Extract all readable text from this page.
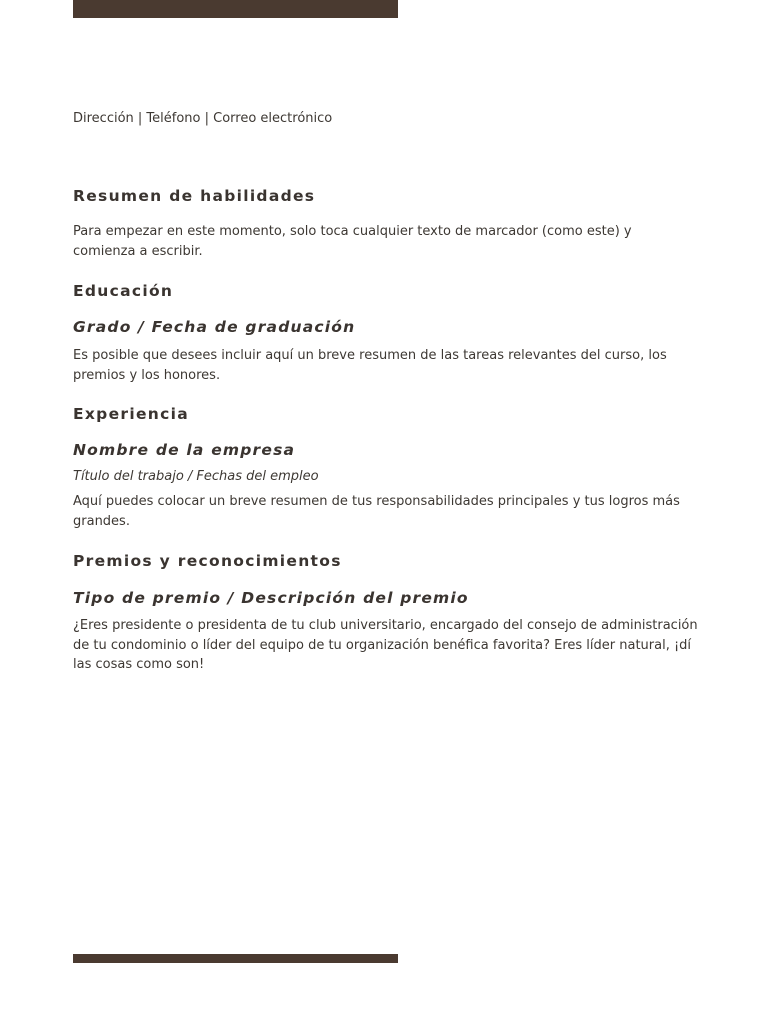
Dirección | Teléfono | Correo electrónico
Resumen de habilidades
Para empezar en este momento, solo toca cualquier texto de marcador (como este) y comienza a escribir.
Educación
Grado / Fecha de graduación
Es posible que desees incluir aquí un breve resumen de las tareas relevantes del curso, los premios y los honores.
Experiencia
Nombre de la empresa
Título del trabajo / Fechas del empleo
Aquí puedes colocar un breve resumen de tus responsabilidades principales y tus logros más grandes.
Premios y reconocimientos
Tipo de premio / Descripción del premio
¿Eres presidente o presidenta de tu club universitario, encargado del consejo de administración de tu condominio o líder del equipo de tu organización benéfica favorita? Eres líder natural, ¡dí las cosas como son!
